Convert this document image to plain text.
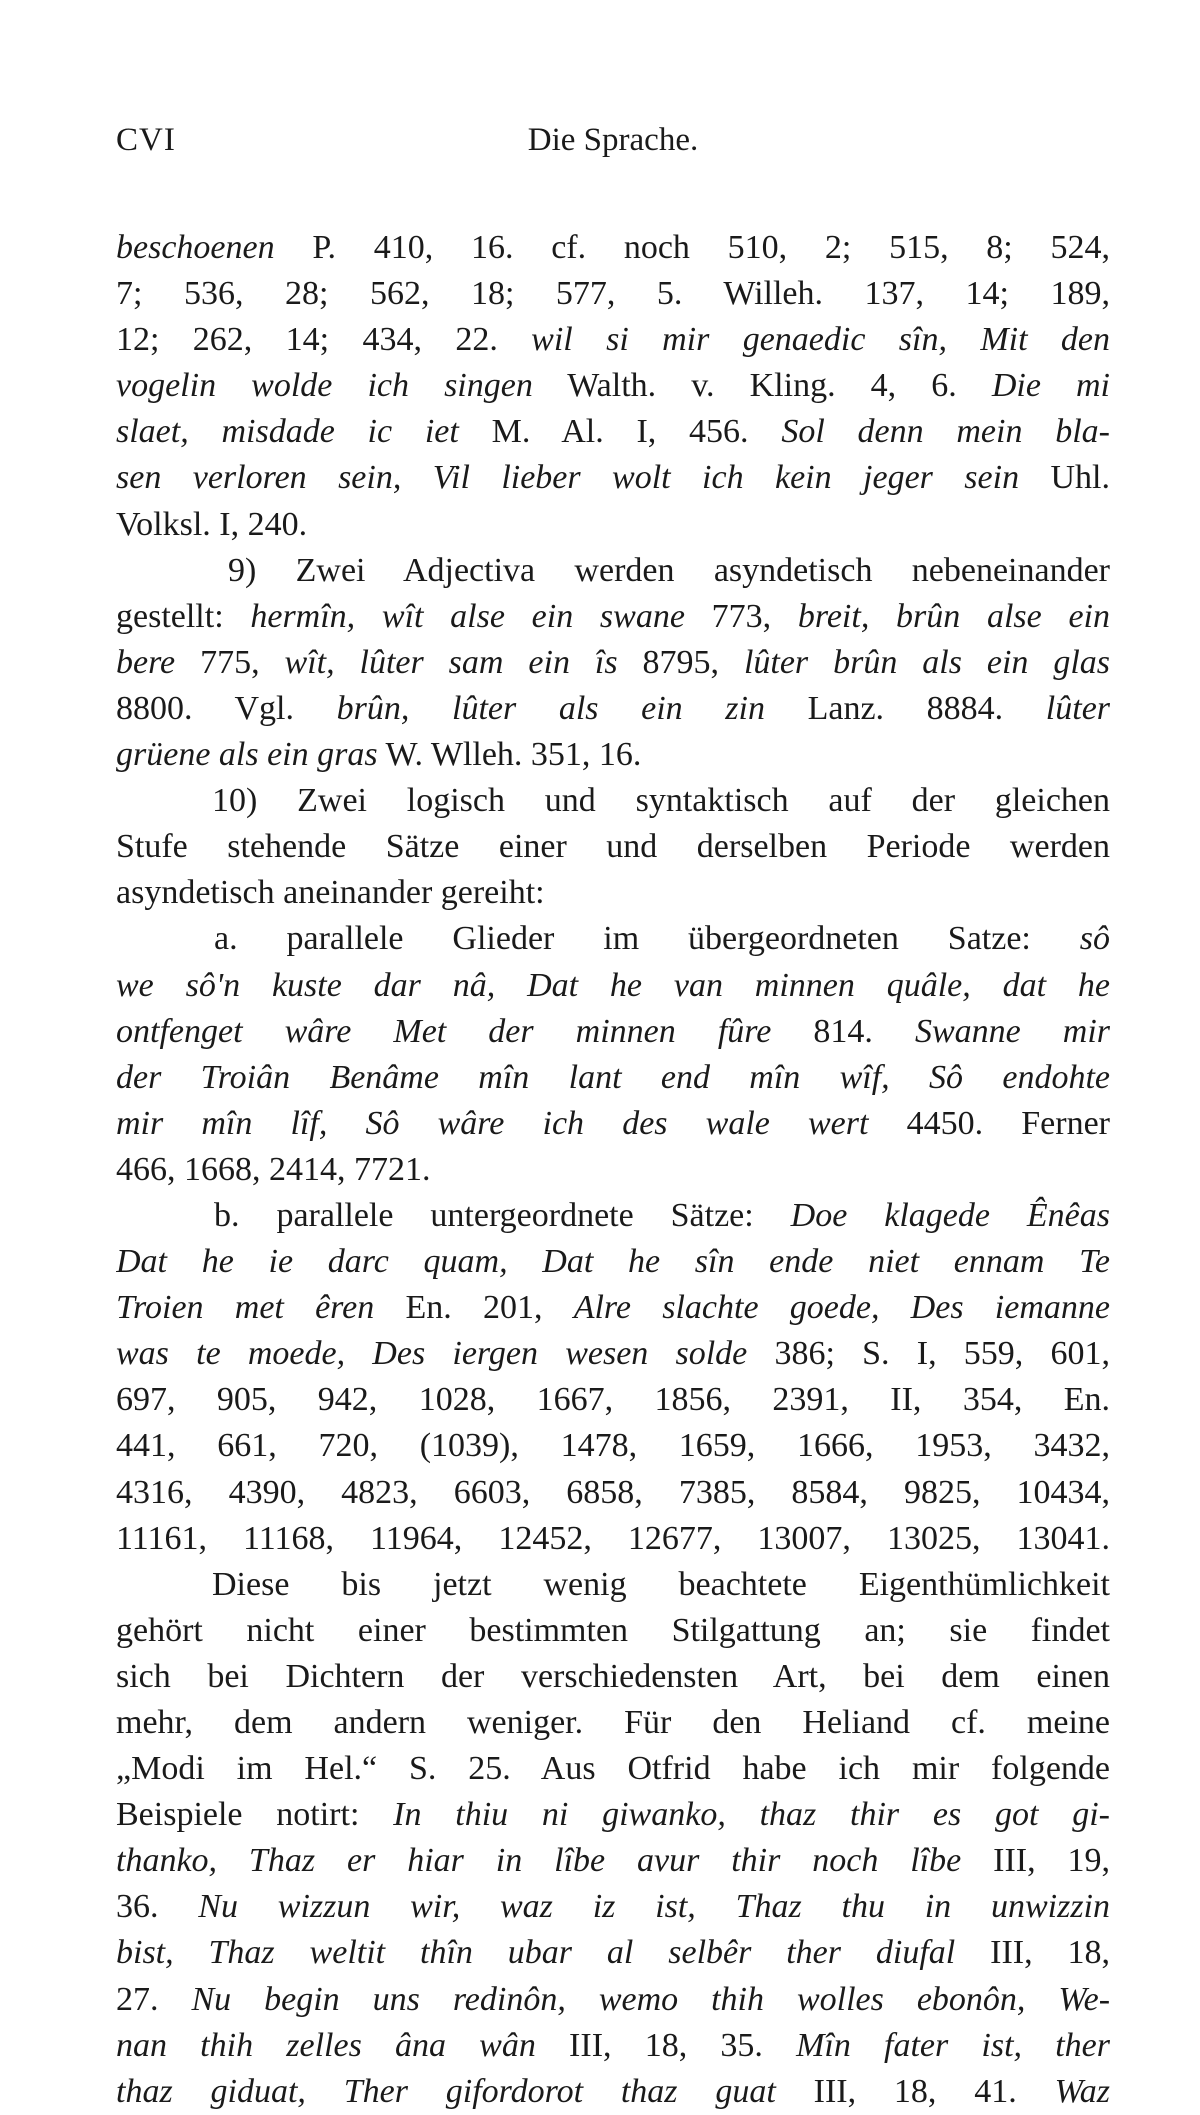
CVI	Die Sprache.
beschoenen P. 410, 16. cf. noch 510, 2; 515, 8; 524,
7; 536, 28; 562, 18; 577, 5. Willeh. 137, 14; 189,
12; 262, 14; 434, 22. wil si mir genaedic sîn, Mit den
vogelin wolde ich singen Walth. v. Kling. 4, 6. Die mi
slaet, misdade ic iet M. Al. I, 456. Sol denn mein bla-
sen verloren sein, Vil lieber wolt ich kein jeger sein Uhl.
Volksl. I, 240.
9) Zwei Adjectiva werden asyndetisch nebeneinander
gestellt: hermîn, wît alse ein swane 773, breit, brûn alse ein
bere 775, wît, lûter sam ein îs 8795, lûter brûn als ein glas
8800. Vgl. brûn, lûter als ein zin Lanz. 8884. lûter
grüene als ein gras W. Wlleh. 351, 16.
10) Zwei logisch und syntaktisch auf der gleichen
Stufe stehende Sätze einer und derselben Periode werden
asyndetisch aneinander gereiht:
a. parallele Glieder im übergeordneten Satze: sô
we sô'n kuste dar nâ, Dat he van minnen quâle, dat he
ontfenget wâre Met der minnen fûre 814. Swanne mir
der Troiân Benâme mîn lant end mîn wîf, Sô endohte
mir mîn lîf, Sô wâre ich des wale wert 4450. Ferner
466, 1668, 2414, 7721.
b. parallele untergeordnete Sätze: Doe klagede Ênêas
Dat he ie darc quam, Dat he sîn ende niet ennam Te
Troien met êren En. 201, Alre slachte goede, Des iemanne
was te moede, Des iergen wesen solde 386; S. I, 559, 601,
697, 905, 942, 1028, 1667, 1856, 2391, II, 354, En.
441, 661, 720, (1039), 1478, 1659, 1666, 1953, 3432,
4316, 4390, 4823, 6603, 6858, 7385, 8584, 9825, 10434,
11161, 11168, 11964, 12452, 12677, 13007, 13025, 13041.
Diese bis jetzt wenig beachtete Eigenthümlichkeit
gehört nicht einer bestimmten Stilgattung an; sie findet
sich bei Dichtern der verschiedensten Art, bei dem einen
mehr, dem andern weniger. Für den Heliand cf. meine
„Modi im Hel.“ S. 25. Aus Otfrid habe ich mir folgende
Beispiele notirt: In thiu ni giwanko, thaz thir es got gi-
thanko, Thaz er hiar in lîbe avur thir noch lîbe III, 19,
36. Nu wizzun wir, waz iz ist, Thaz thu in unwizzin
bist, Thaz weltit thîn ubar al selbêr ther diufal III, 18,
27. Nu begin uns redinôn, wemo thih wolles ebonôn, We-
nan thih zelles âna wân III, 18, 35. Mîn fater ist, ther
thaz giduat, Ther gifordorot thaz guat III, 18, 41. Waz
